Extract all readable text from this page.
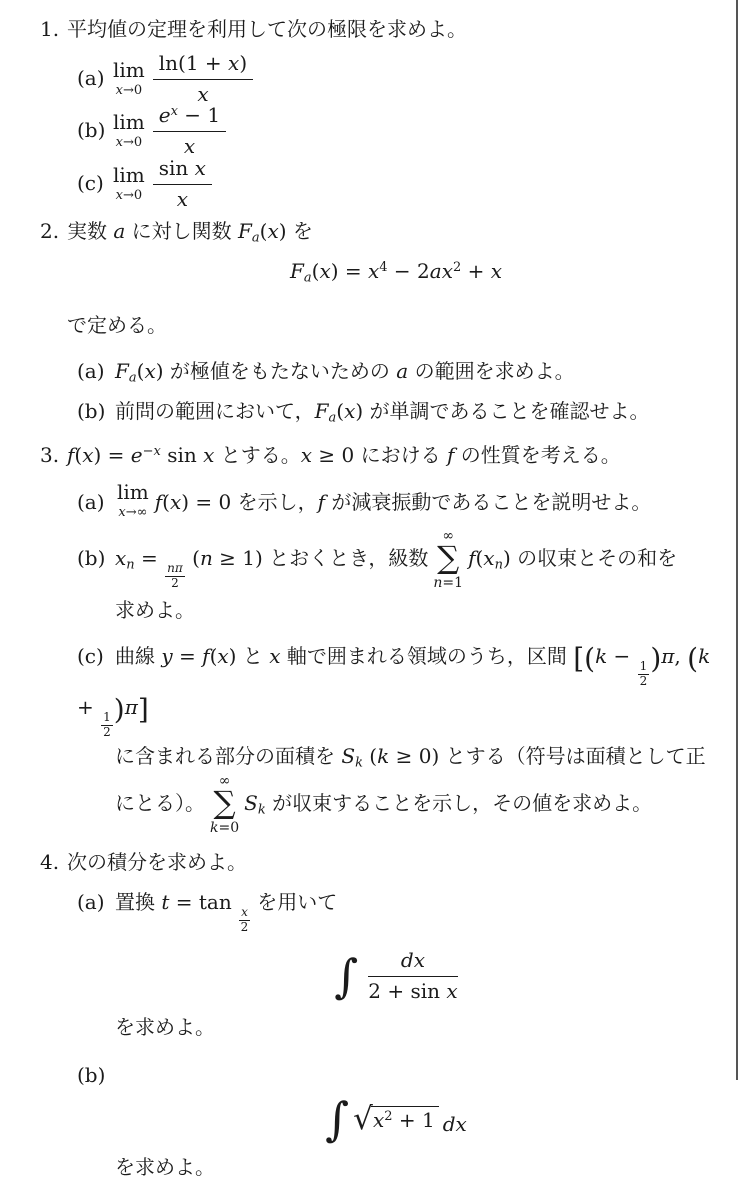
1. 平均値の定理を利用して次の極限を求めよ。

(a) lim
$x\to 0 \frac{\ln(1 + x)}{x}$
(b) lim
$x\to 0 \frac{e^x - 1}{x}$
(c) lim
$x\to 0 \frac{\text{sin x}}{x}$
2. 実数 a に対し関数 Fa(x) を

$Fa(x) = x^4 - 2ax^2 + x$

で定める。

(a) Fa(x) が極値をもたないための a の範囲を求めよ。
(b) 前問の範囲において，Fa(x) が単調であることを確認せよ。
3. $f(x) = e^{-x}$ sin x とする。x ≥ 0 における f の性質を考える。

(a) lim
x→∞ f(x) = 0 を示し，f が減衰振動であることを説明せよ。
(b) xn =
$\frac{n\pi}{2}$
(n ≥ 1) とおくとき，級数
∞
∑
n=1
f(xn) の収束とその和を
求めよ。
(c) 曲線 y = f(x) と x 軸で囲まれる領域のうち，区間 [(k −
$\frac{1}{2} )\pi$, (k +
$\frac{1}{2} )\pi$]
に含まれる部分の面積を Sk (k ≥ 0) とする（符号は面積として正
にとる）。
∞
∑
k=0
Sk が収束することを示し，その値を求めよ。
4. 次の積分を求めよ。

(a) 置換 t = tan
$\frac{x}{2}$
を用いて
∫ $\frac{dx}{\text{2 + sin x}}$
を求めよ。
(b)
∫ √ $x^2 + 1$ dx
を求めよ。
